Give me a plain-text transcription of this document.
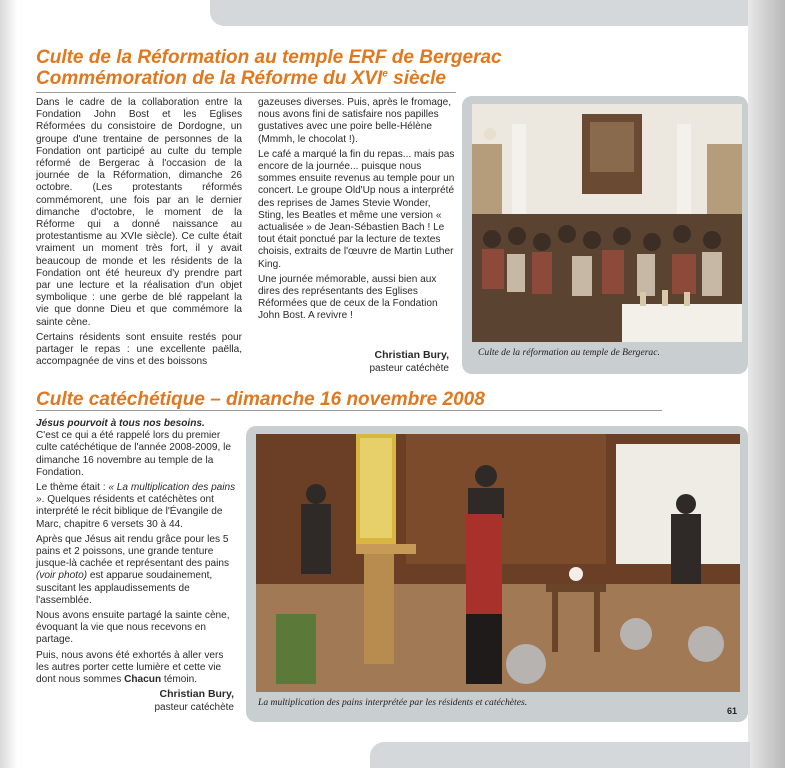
Culte de la Réformation au temple ERF de Bergerac
Commémoration de la Réforme du XVIe siècle

Dans le cadre de la collaboration entre la Fondation John Bost et les Eglises Réformées du consistoire de Dordogne, un groupe d'une trentaine de personnes de la Fondation ont participé au culte du temple réformé de Bergerac à l'occasion de la journée de la Réformation, dimanche 26 octobre. (Les protestants réformés commémorent, une fois par an le dernier dimanche d'octobre, le moment de la Réforme qui a donné naissance au protestantisme au XVIe siècle). Ce culte était vraiment un moment très fort, il y avait beaucoup de monde et les résidents de la Fondation ont été heureux d'y prendre part par une lecture et la réalisation d'un objet symbolique : une gerbe de blé rappelant la vie que donne Dieu et que commémore la sainte cène.

Certains résidents sont ensuite restés pour partager le repas : une excellente paëlla, accompagnée de vins et des boissons

gazeuses diverses. Puis, après le fromage, nous avons fini de satisfaire nos papilles gustatives avec une poire belle-Hélène (Mmmh, le chocolat !).

Le café a marqué la fin du repas... mais pas encore de la journée... puisque nous sommes ensuite revenus au temple pour un concert. Le groupe Old'Up nous a interprété des reprises de James Stevie Wonder, Sting, les Beatles et même une version « actualisée » de Jean-Sébastien Bach ! Le tout était ponctué par la lecture de textes choisis, extraits de l'œuvre de Martin Luther King.

Une journée mémorable, aussi bien aux dires des représentants des Eglises Réformées que de ceux de la Fondation John Bost. A revivre !

Christian Bury,
pasteur catéchète
Culte de la réformation au temple de Bergerac.
Culte catéchétique – dimanche 16 novembre 2008

Jésus pourvoit à tous nos besoins.

C'est ce qui a été rappelé lors du premier culte catéchétique de l'année 2008-2009, le dimanche 16 novembre au temple de la Fondation.

Le thème était : « La multiplication des pains ». Quelques résidents et catéchètes ont interprété le récit biblique de l'Évangile de Marc, chapitre 6 versets 30 à 44.

Après que Jésus ait rendu grâce pour les 5 pains et 2 poissons, une grande tenture jusque-là cachée et représentant des pains (voir photo) est apparue soudainement, suscitant les applaudissements de l'assemblée.

Nous avons ensuite partagé la sainte cène, évoquant la vie que nous recevons en partage.

Puis, nous avons été exhortés à aller vers les autres porter cette lumière et cette vie dont nous sommes Chacun témoin.

Christian Bury,
pasteur catéchète	La multiplication des pains interprétée par les résidents et catéchètes.
61
